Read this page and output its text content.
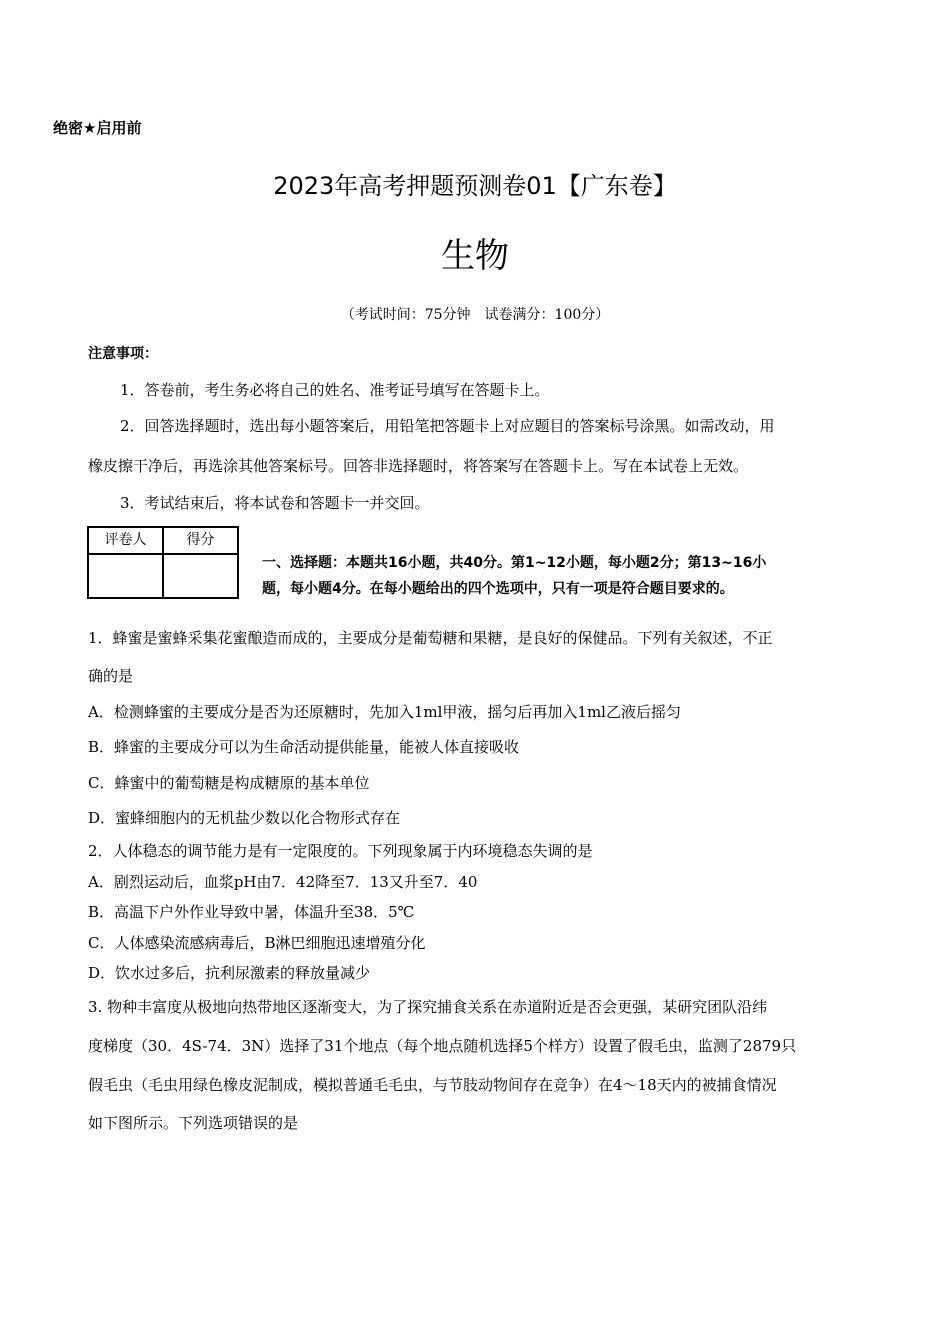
绝密★启用前
2023年高考押题预测卷01【广东卷】
生物
（考试时间：75分钟　试卷满分：100分）
注意事项：
1．答卷前，考生务必将自己的姓名、准考证号填写在答题卡上。
2．回答选择题时，选出每小题答案后，用铅笔把答题卡上对应题目的答案标号涂黑。如需改动，用
橡皮擦干净后，再选涂其他答案标号。回答非选择题时，将答案写在答题卡上。写在本试卷上无效。
3．考试结束后，将本试卷和答题卡一并交回。
评卷人	得分

一、选择题：本题共16小题，共40分。第1~12小题，每小题2分；第13~16小
题，每小题4分。在每小题给出的四个选项中，只有一项是符合题目要求的。
1．蜂蜜是蜜蜂采集花蜜酿造而成的，主要成分是葡萄糖和果糖，是良好的保健品。下列有关叙述，不正
确的是
A．检测蜂蜜的主要成分是否为还原糖时，先加入1ml甲液，摇匀后再加入1ml乙液后摇匀
B．蜂蜜的主要成分可以为生命活动提供能量，能被人体直接吸收
C．蜂蜜中的葡萄糖是构成糖原的基本单位
D．蜜蜂细胞内的无机盐少数以化合物形式存在
2．人体稳态的调节能力是有一定限度的。下列现象属于内环境稳态失调的是
A．剧烈运动后，血浆pH由7．42降至7．13又升至7．40
B．高温下户外作业导致中暑，体温升至38．5℃
C．人体感染流感病毒后，B淋巴细胞迅速增殖分化
D．饮水过多后，抗利尿激素的释放量减少
3. 物种丰富度从极地向热带地区逐渐变大，为了探究捕食关系在赤道附近是否会更强，某研究团队沿纬
度梯度（30．4S-74．3N）选择了31个地点（每个地点随机选择5个样方）设置了假毛虫，监测了2879只
假毛虫（毛虫用绿色橡皮泥制成，模拟普通毛毛虫，与节肢动物间存在竞争）在4～18天内的被捕食情况
如下图所示。下列选项错误的是
